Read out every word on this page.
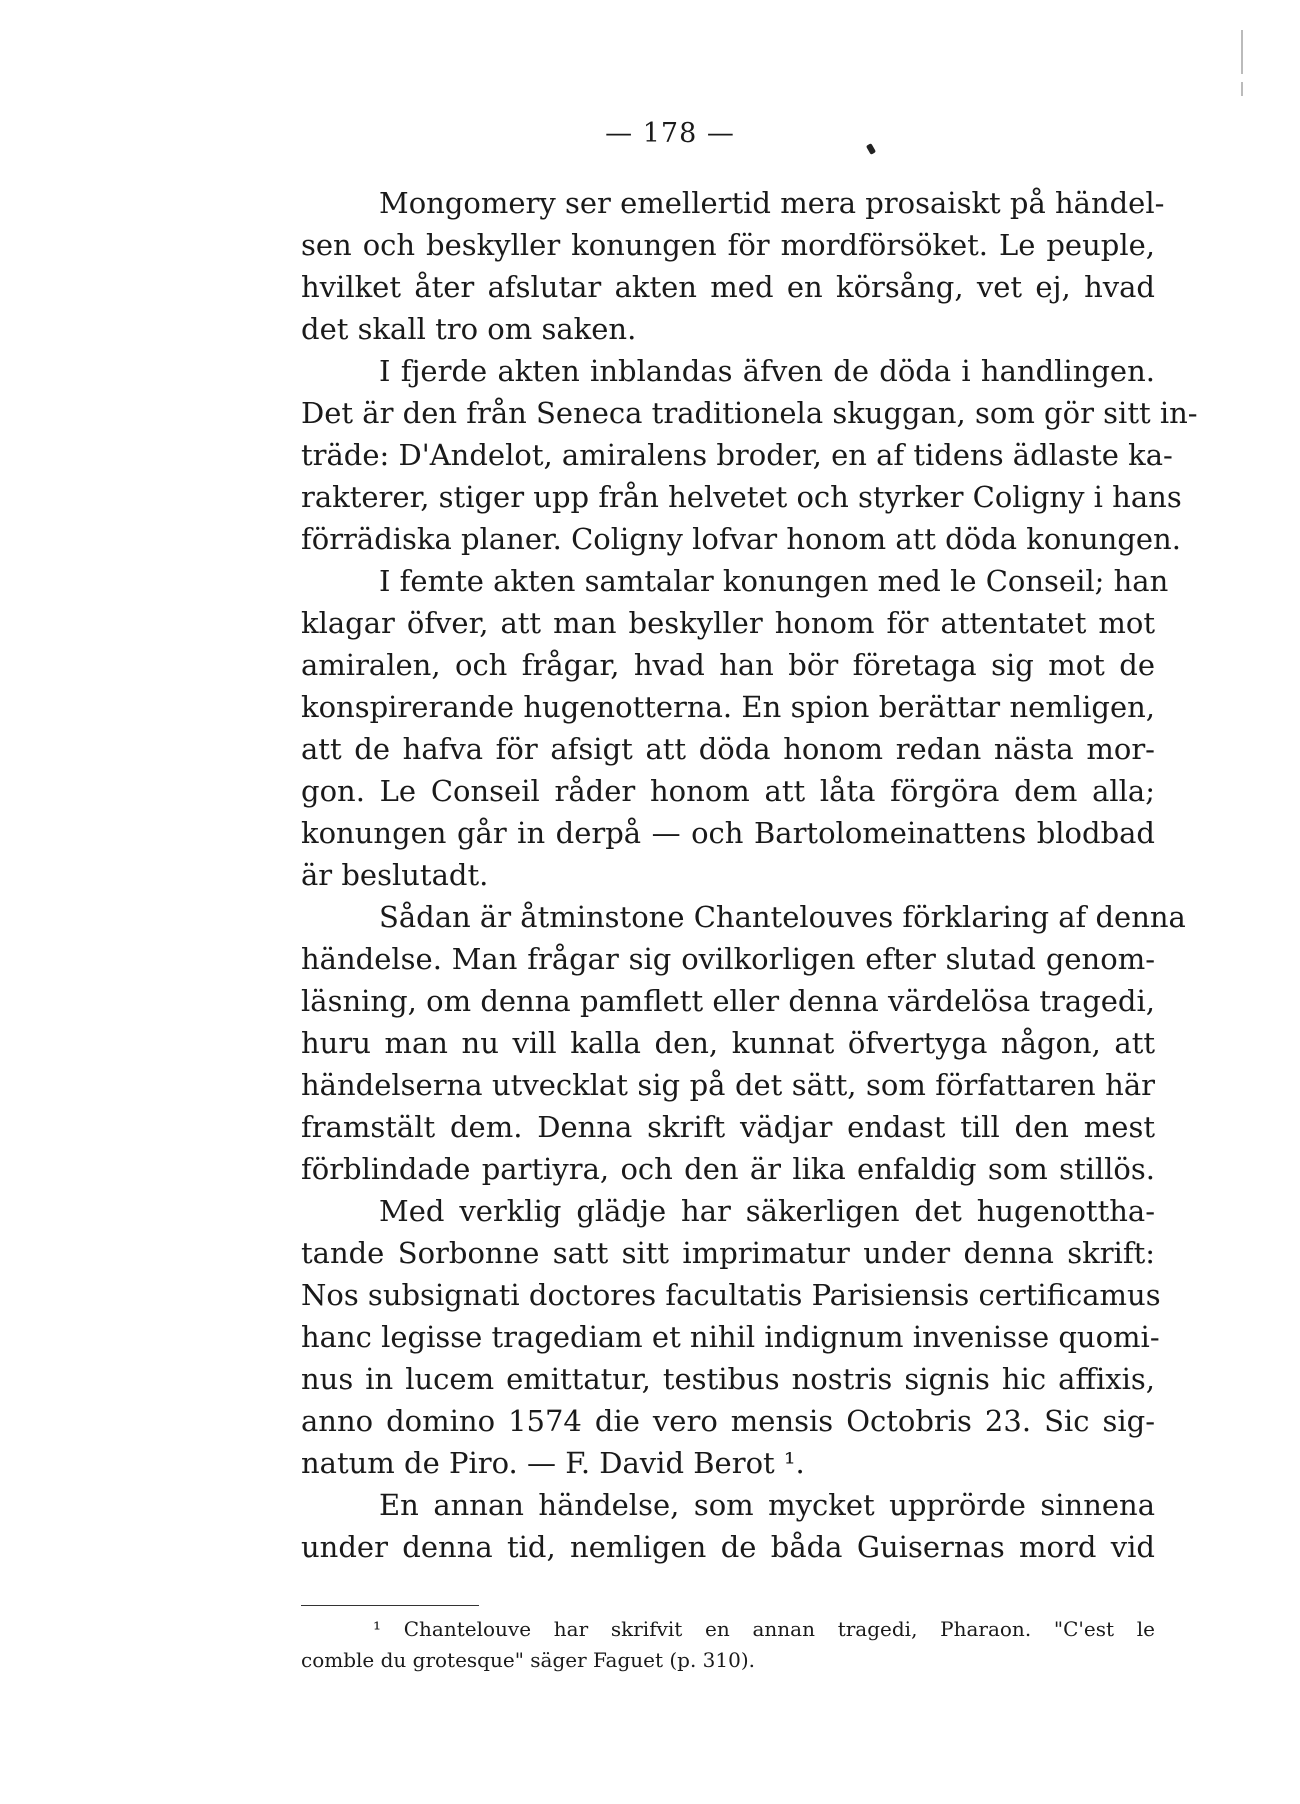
— 178 —
Mongomery ser emellertid mera prosaiskt på händel-
sen och beskyller konungen för mordförsöket. Le peuple,
hvilket åter afslutar akten med en körsång, vet ej, hvad
det skall tro om saken.
I fjerde akten inblandas äfven de döda i handlingen.
Det är den från Seneca traditionela skuggan, som gör sitt in-
träde: D'Andelot, amiralens broder, en af tidens ädlaste ka-
rakterer, stiger upp från helvetet och styrker Coligny i hans
förrädiska planer. Coligny lofvar honom att döda konungen.
I femte akten samtalar konungen med le Conseil; han
klagar öfver, att man beskyller honom för attentatet mot
amiralen, och frågar, hvad han bör företaga sig mot de
konspirerande hugenotterna. En spion berättar nemligen,
att de hafva för afsigt att döda honom redan nästa mor-
gon. Le Conseil råder honom att låta förgöra dem alla;
konungen går in derpå — och Bartolomeinattens blodbad
är beslutadt.
Sådan är åtminstone Chantelouves förklaring af denna
händelse. Man frågar sig ovilkorligen efter slutad genom-
läsning, om denna pamflett eller denna värdelösa tragedi,
huru man nu vill kalla den, kunnat öfvertyga någon, att
händelserna utvecklat sig på det sätt, som författaren här
framstält dem. Denna skrift vädjar endast till den mest
förblindade partiyra, och den är lika enfaldig som stillös.
Med verklig glädje har säkerligen det hugenottha-
tande Sorbonne satt sitt imprimatur under denna skrift:
Nos subsignati doctores facultatis Parisiensis certificamus
hanc legisse tragediam et nihil indignum invenisse quomi-
nus in lucem emittatur, testibus nostris signis hic affixis,
anno domino 1574 die vero mensis Octobris 23. Sic sig-
natum de Piro. — F. David Berot ¹.
En annan händelse, som mycket upprörde sinnena
under denna tid, nemligen de båda Guisernas mord vid
¹ Chantelouve har skrifvit en annan tragedi, Pharaon. "C'est le
comble du grotesque" säger Faguet (p. 310).
